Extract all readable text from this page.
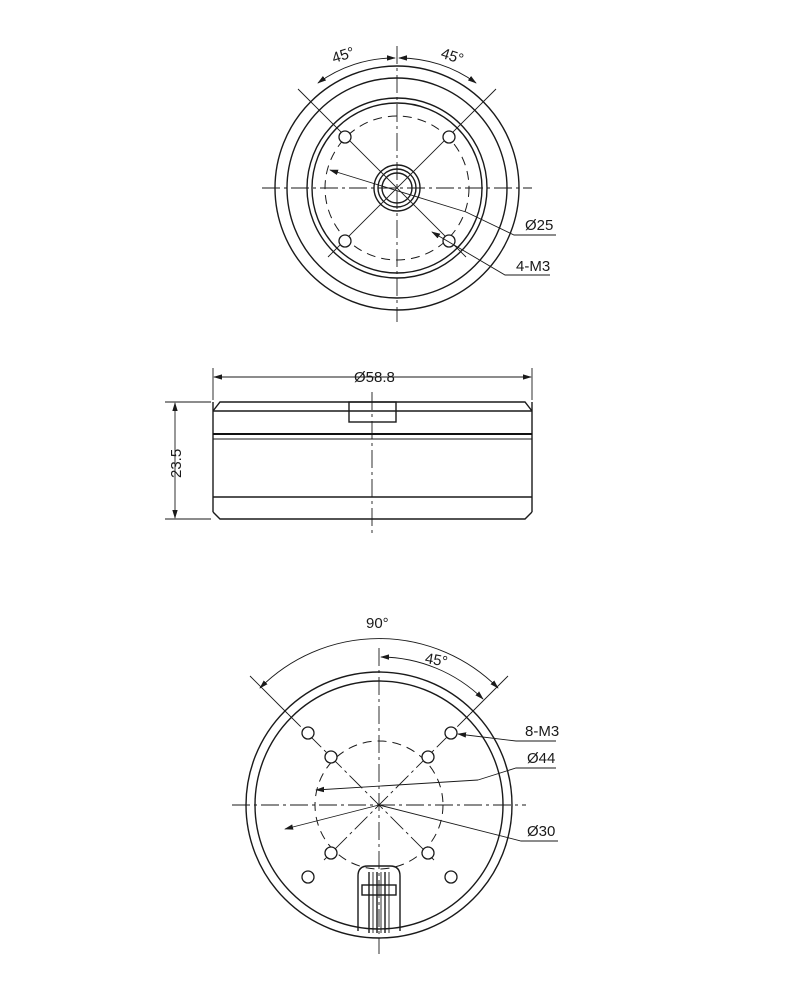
45°	45°
Ø25
4-M3
Ø58.8
23.5
90°
45°
8-M3
Ø44
Ø30
